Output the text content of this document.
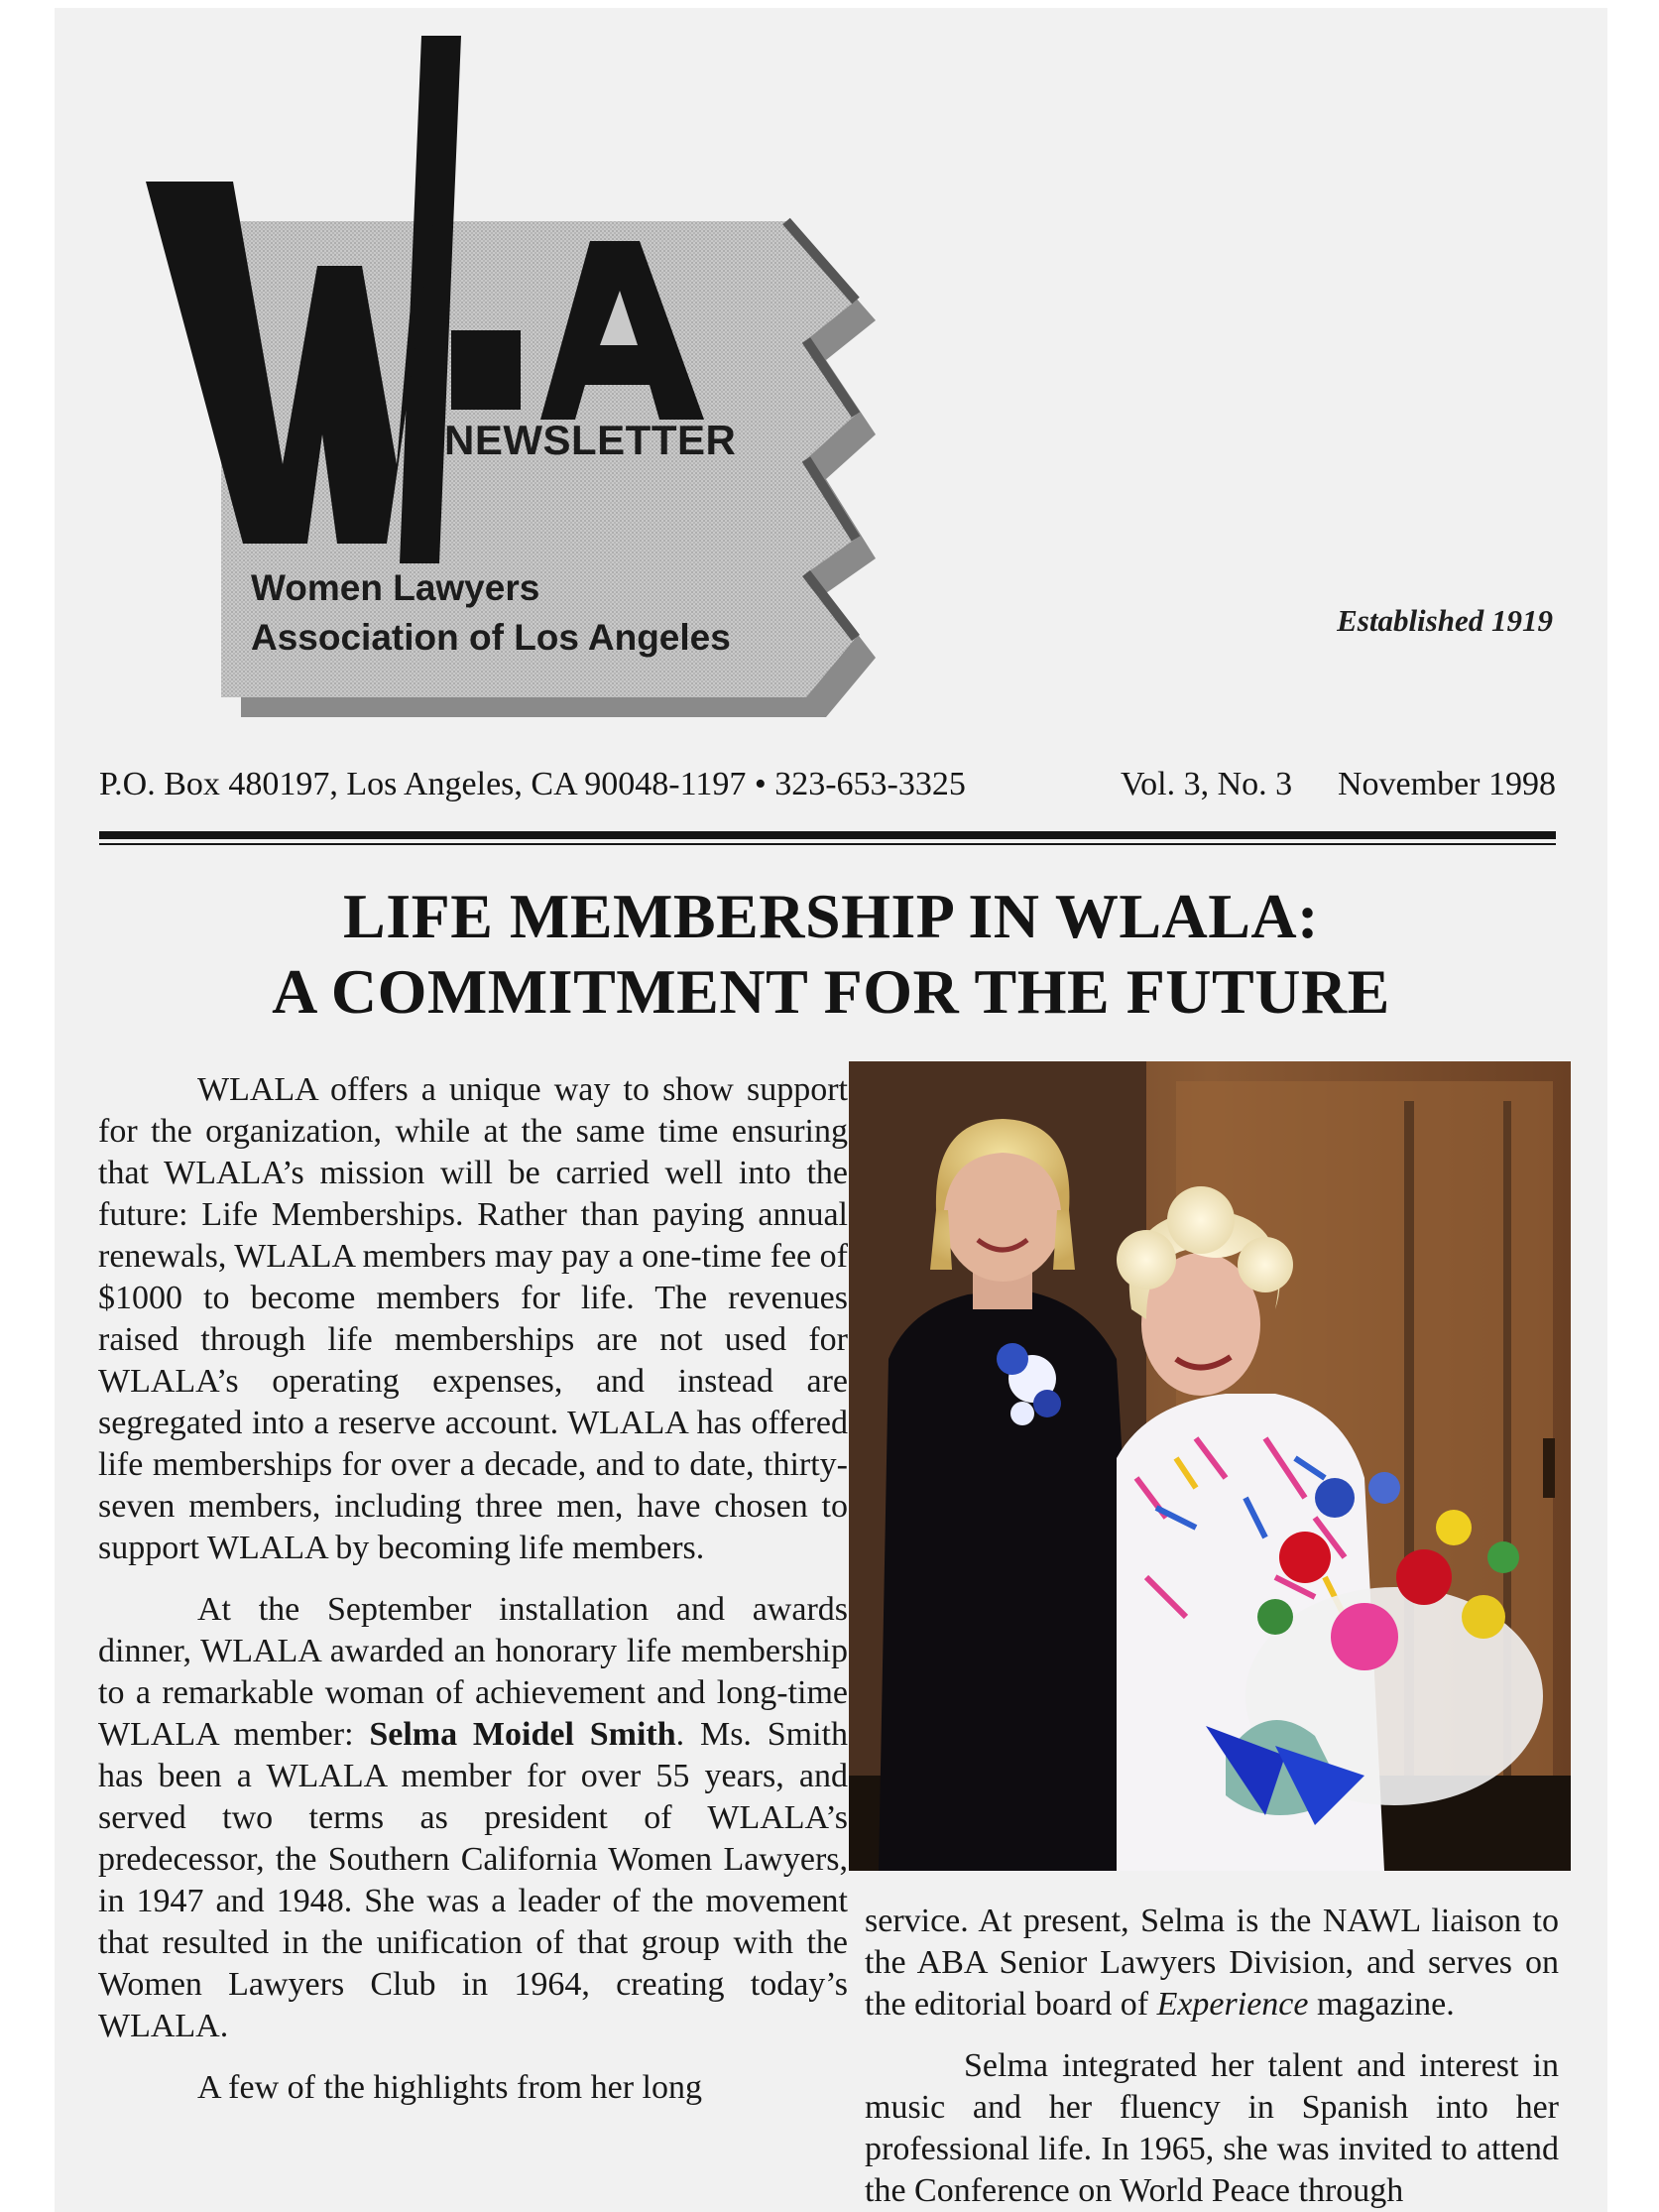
NEWSLETTER
Women Lawyers
Association of Los Angeles	Established 1919
P.O. Box 480197, Los Angeles, CA 90048-1197 • 323-653-3325	Vol. 3, No. 3 November 1998
LIFE MEMBERSHIP IN WLALA:
A COMMITMENT FOR THE FUTURE

WLALA offers a unique way to show support for the organization, while at the same time ensuring that WLALA’s mission will be carried well into the future: Life Memberships. Rather than paying annual renewals, WLALA members may pay a one-time fee of $1000 to become members for life. The revenues raised through life memberships are not used for WLALA’s operating expenses, and instead are segregated into a reserve account. WLALA has offered life memberships for over a decade, and to date, thirty-seven members, including three men, have chosen to support WLALA by becoming life members.

At the September installation and awards dinner, WLALA awarded an honorary life membership to a remarkable woman of achievement and long-time WLALA member: Selma Moidel Smith. Ms. Smith has been a WLALA member for over 55 years, and served two terms as president of WLALA’s predecessor, the Southern California Women Lawyers, in 1947 and 1948. She was a leader of the movement that resulted in the unification of that group with the Women Lawyers Club in 1964, creating today’s WLALA.

A few of the highlights from her long

service. At present, Selma is the NAWL liaison to the ABA Senior Lawyers Division, and serves on the editorial board of Experience magazine.

Selma integrated her talent and interest in music and her fluency in Spanish into her professional life. In 1965, she was invited to attend the Conference on World Peace through
